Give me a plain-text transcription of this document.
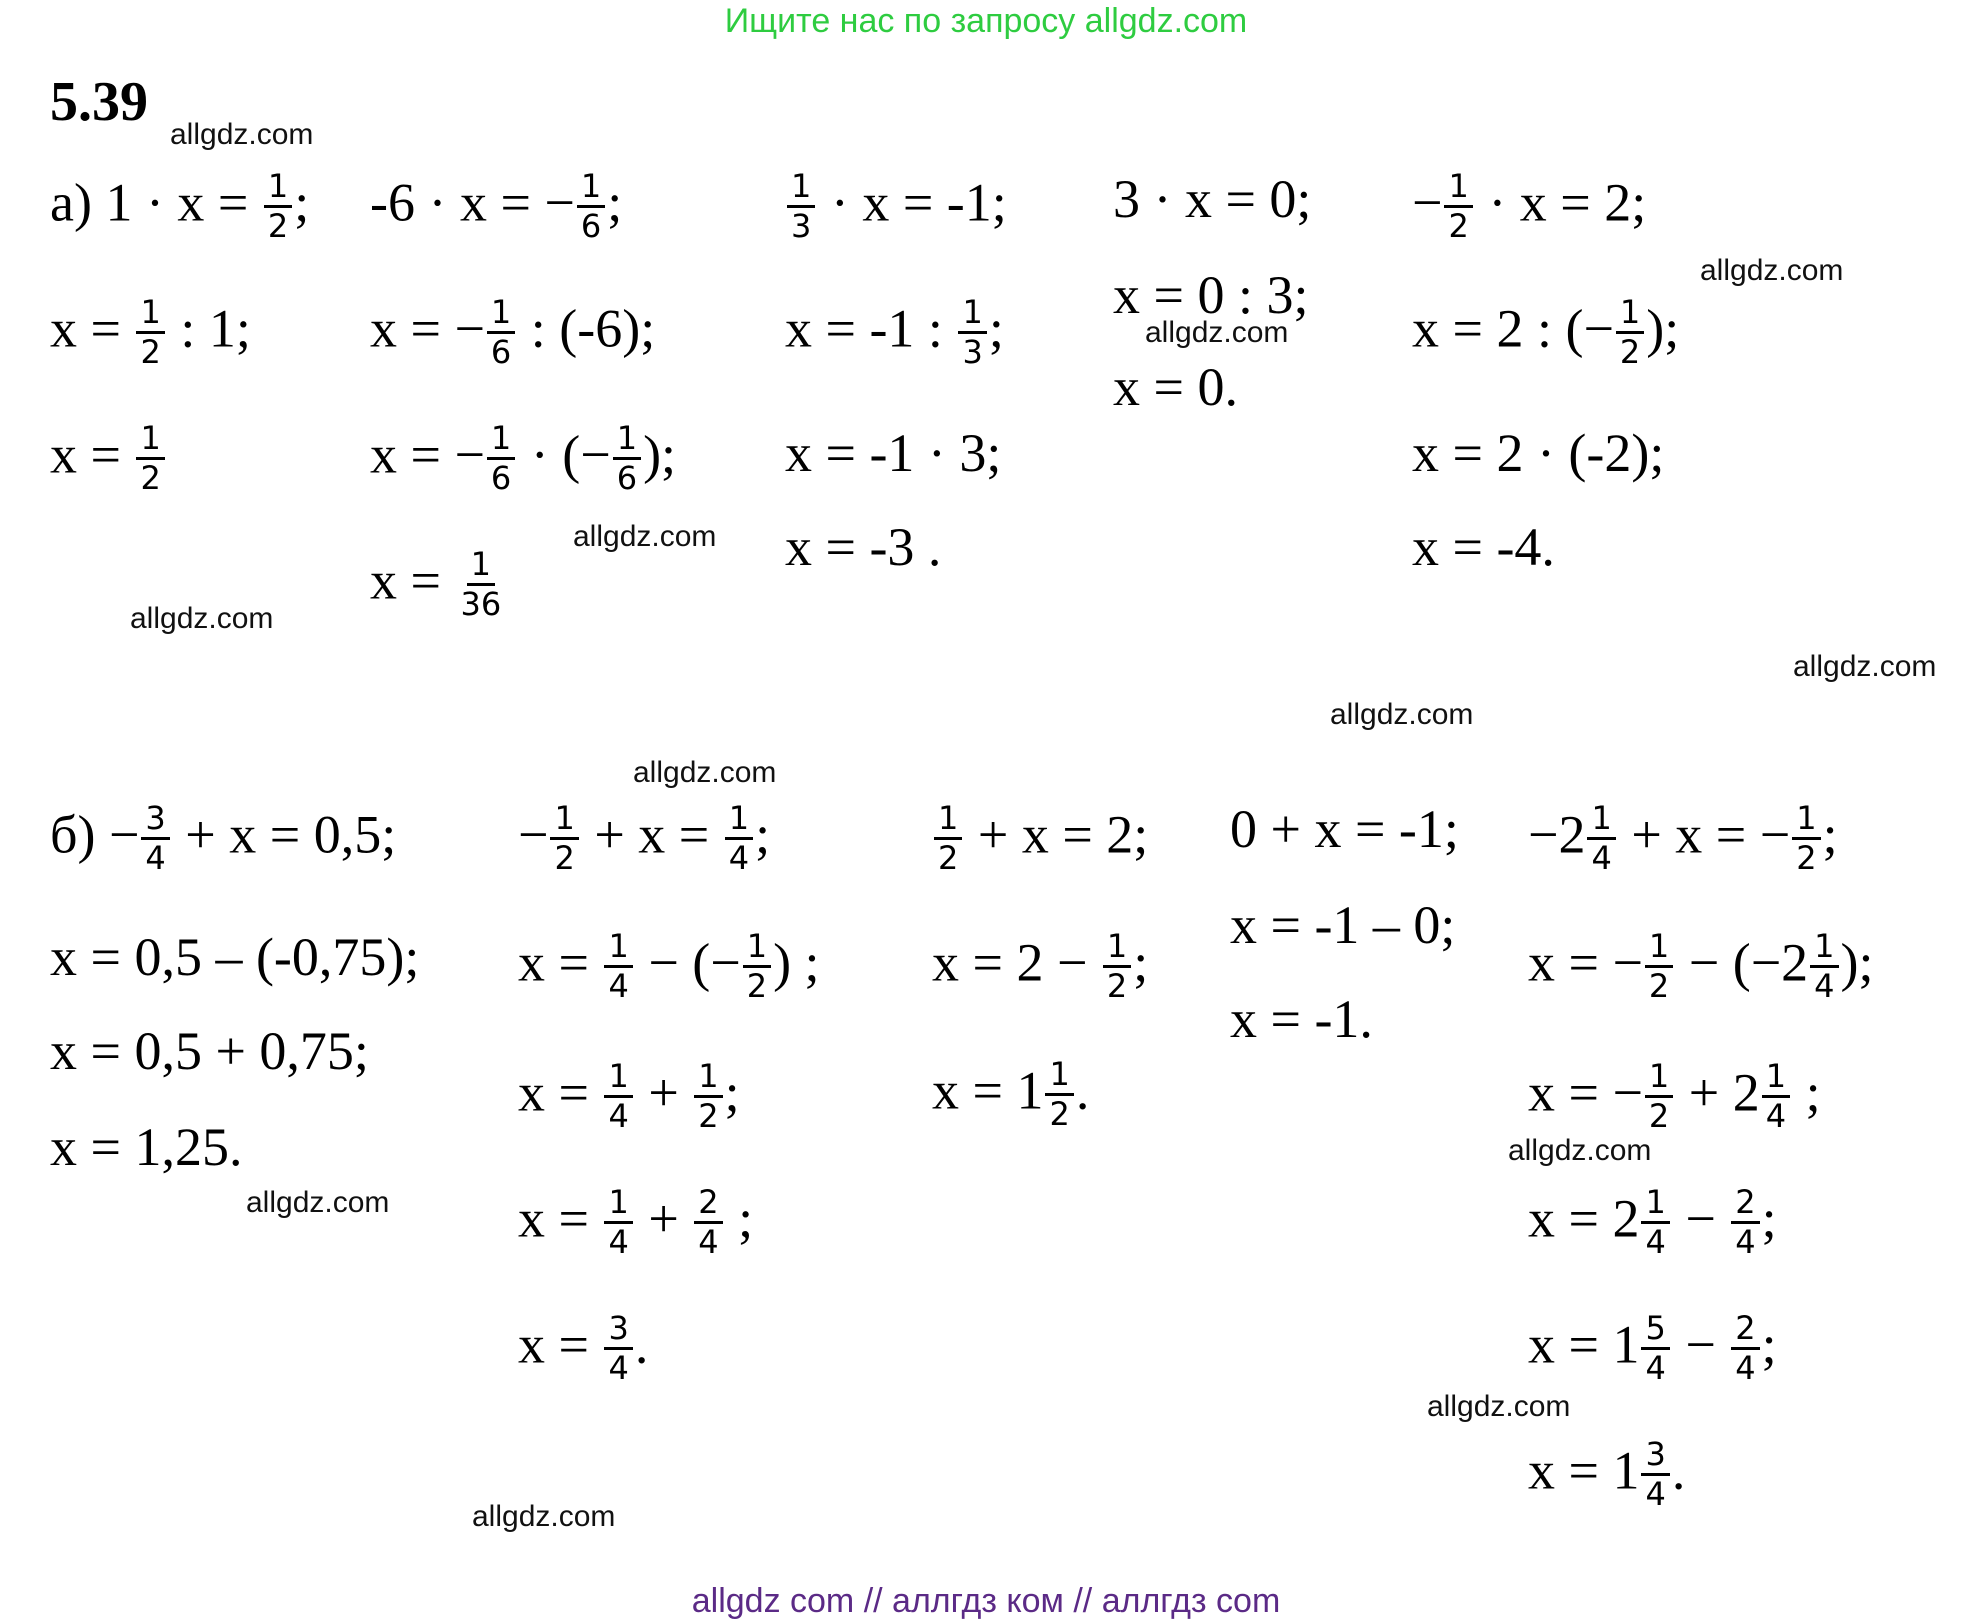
Ищите нас по запросу allgdz.com
5.39
allgdz.com
allgdz.com
allgdz.com
allgdz.com
allgdz.com
allgdz.com
allgdz.com
allgdz.com
allgdz.com
allgdz.com
allgdz.com
allgdz.com
а) $1 \cdot x = \frac{1}{2}$ ;
$x = \frac{1}{2}$ : 1;
$x = \frac{1}{2}$
-6 · x = − $\frac{1}{6}$ ;
x = − $\frac{1}{6}$ : (-6);
x = − $\frac{1}{6}$ · (− $\frac{1}{6}$ );
$x = \frac{1}{36}$
$\frac{1}{3} \cdot x = -1$;
x = -1 : $\frac{1}{3}$ ;
x = -1 · 3;
x = -3 .
3 · x = 0;
x = 0 : 3;
x = 0.
− $\frac{1}{2} \cdot x = 2$;
x = 2 : (− $\frac{1}{2}$ );
x = 2 · (-2);
x = -4.
$б) - \frac{3}{4} + x = 0,5$;
x = 0,5 – (-0,75);
x = 0,5 + 0,75;
x = 1,25.
− $\frac{1}{2} + x = \frac{1}{4}$ ;
$x = \frac{1}{4}$ − (− $\frac{1}{2}$ ) ;
$x = \frac{1}{4} + \frac{1}{2}$ ;
$x = \frac{1}{4} + \frac{2}{4}$ ;
$x = \frac{3}{4}$ .
$\frac{1}{2} + x = 2$;
$x = 2 - \frac{1}{2}$ ;
$x = 1 \frac{1}{2}$ .
0 + x = -1;
x = -1 – 0;
x = -1.
$-2 \frac{1}{4} + x$ = − $\frac{1}{2}$ ;
x = − $\frac{1}{2} - (-2 \frac{1}{4}$ );
x = − $\frac{1}{2} + 2 \frac{1}{4}$ ;
$x = 2 \frac{1}{4} - \frac{2}{4}$ ;
$x = 1 \frac{5}{4} - \frac{2}{4}$ ;
$x = 1 \frac{3}{4}$ .
allgdz com // аллгдз ком // аллгдз com
